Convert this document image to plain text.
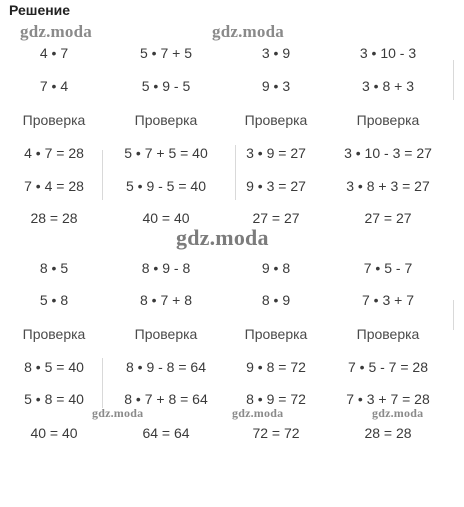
Решение
4 • 7	5 • 7 + 5	3 • 9	3 • 10 - 3
7 • 4	5 • 9 - 5	9 • 3	3 • 8 + 3
Проверка	Проверка	Проверка	Проверка
4 • 7 = 28	5 • 7 + 5 = 40	3 • 9 = 27	3 • 10 - 3 = 27
7 • 4 = 28	5 • 9 - 5 = 40	9 • 3 = 27	3 • 8 + 3 = 27
28 = 28	40 = 40	27 = 27	27 = 27
8 • 5	8 • 9 - 8	9 • 8	7 • 5 - 7
5 • 8	8 • 7 + 8	8 • 9	7 • 3 + 7
Проверка	Проверка	Проверка	Проверка
8 • 5 = 40	8 • 9 - 8 = 64	9 • 8 = 72	7 • 5 - 7 = 28
5 • 8 = 40	8 • 7 + 8 = 64	8 • 9 = 72	7 • 3 + 7 = 28
40 = 40	64 = 64	72 = 72	28 = 28
gdz.moda	gdz.moda
gdz.moda
gdz.moda	gdz.moda	gdz.moda
